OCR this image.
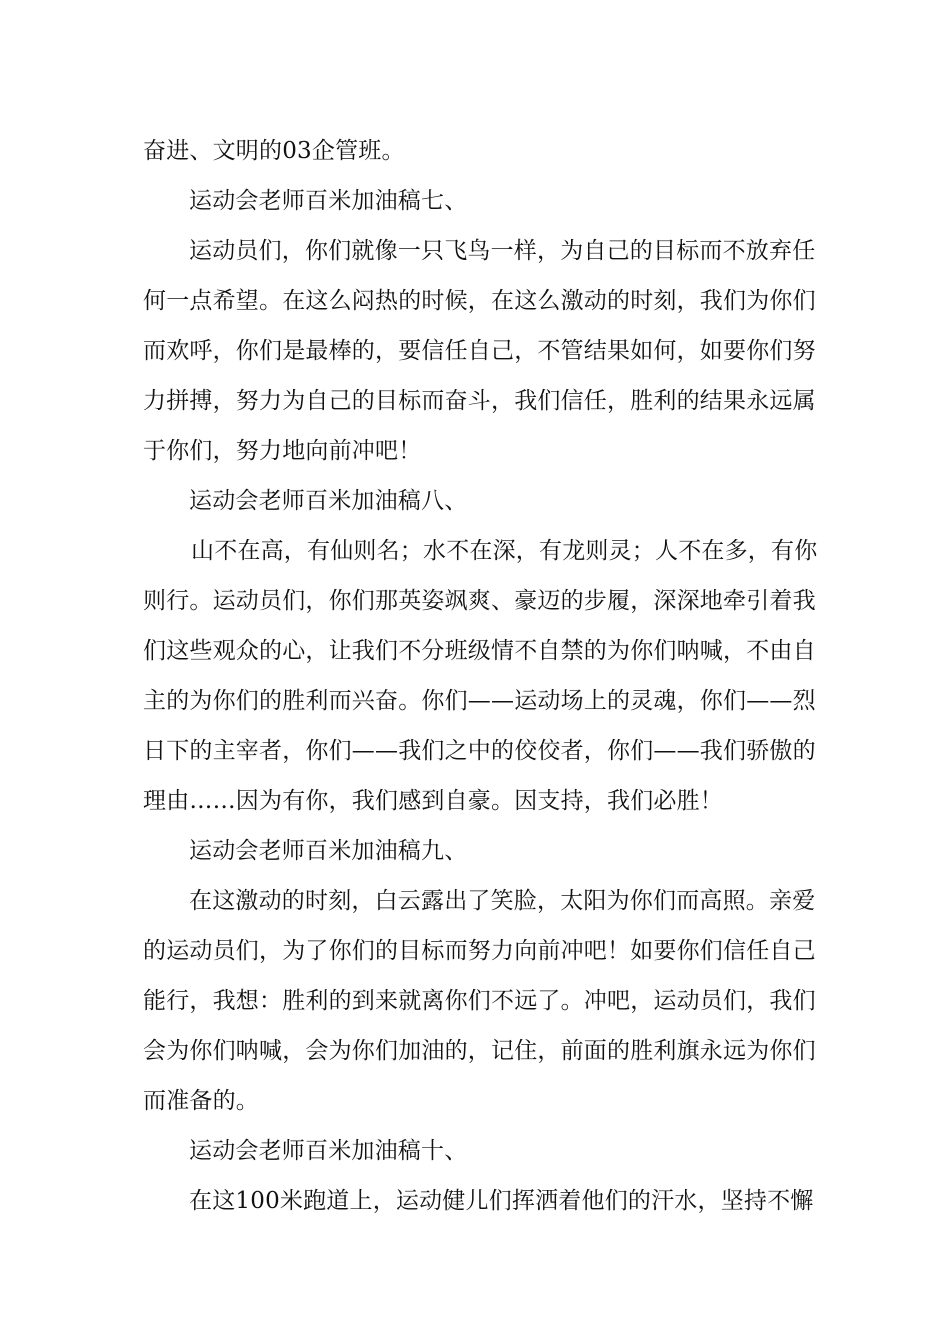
奋进、文明的03企管班。
运动会老师百米加油稿七、
运动员们，你们就像一只飞鸟一样，为自己的目标而不放弃任
何一点希望。在这么闷热的时候，在这么激动的时刻，我们为你们
而欢呼，你们是最棒的，要信任自己，不管结果如何，如要你们努
力拼搏，努力为自己的目标而奋斗，我们信任，胜利的结果永远属
于你们，努力地向前冲吧！
运动会老师百米加油稿八、
山不在高，有仙则名；水不在深，有龙则灵；人不在多，有你
则行。运动员们，你们那英姿飒爽、豪迈的步履，深深地牵引着我
们这些观众的心，让我们不分班级情不自禁的为你们呐喊，不由自
主的为你们的胜利而兴奋。你们——运动场上的灵魂，你们——烈
日下的主宰者，你们——我们之中的佼佼者，你们——我们骄傲的
理由……因为有你，我们感到自豪。因支持，我们必胜！
运动会老师百米加油稿九、
在这激动的时刻，白云露出了笑脸，太阳为你们而高照。亲爱
的运动员们，为了你们的目标而努力向前冲吧！如要你们信任自己
能行，我想：胜利的到来就离你们不远了。冲吧，运动员们，我们
会为你们呐喊，会为你们加油的，记住，前面的胜利旗永远为你们
而准备的。
运动会老师百米加油稿十、
在这100米跑道上，运动健儿们挥洒着他们的汗水，坚持不懈
